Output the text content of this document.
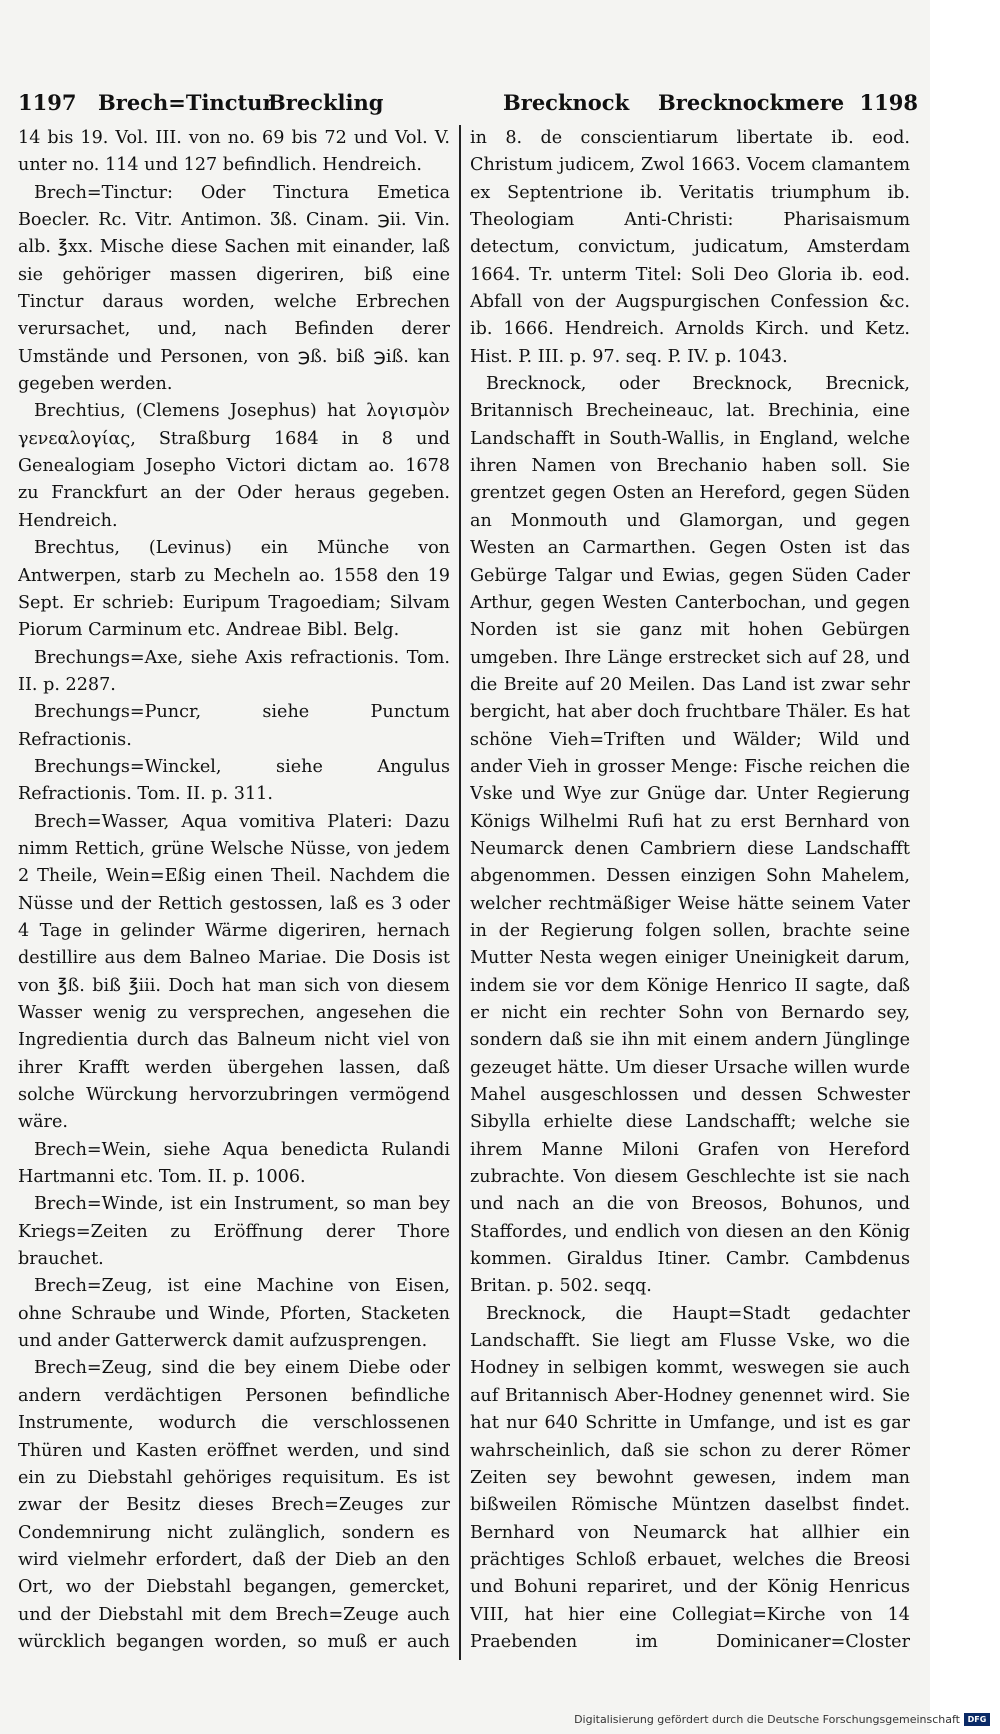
1197 Brech=Tinctur
Breckling	Brecknock Brecknockmere 1198

14 bis 19. Vol. III. von no. 69 bis 72 und Vol. V. unter no. 114 und 127 befindlich. Hendreich.

Brech=Tinctur: Oder Tinctura Emetica Boecler. Rc. Vitr. Antimon. Ʒß. Cinam. ℈ii. Vin. alb. ℥xx. Mische diese Sachen mit einander, laß sie gehöriger massen digeriren, biß eine Tinctur daraus worden, welche Erbrechen verursachet, und, nach Befinden derer Umstände und Personen, von ℈ß. biß ℈iß. kan gegeben werden.

Brechtius, (Clemens Josephus) hat λογισμὸν γενεαλογίας, Straßburg 1684 in 8 und Genealogiam Josepho Victori dictam ao. 1678 zu Franckfurt an der Oder heraus gegeben. Hendreich.

Brechtus, (Levinus) ein Münche von Antwerpen, starb zu Mecheln ao. 1558 den 19 Sept. Er schrieb: Euripum Tragoediam; Silvam Piorum Carminum etc. Andreae Bibl. Belg.

Brechungs=Axe, siehe Axis refractionis. Tom. II. p. 2287.

Brechungs=Puncr, siehe Punctum Refractionis.

Brechungs=Winckel, siehe Angulus Refractionis. Tom. II. p. 311.

Brech=Wasser, Aqua vomitiva Plateri: Dazu nimm Rettich, grüne Welsche Nüsse, von jedem 2 Theile, Wein=Eßig einen Theil. Nachdem die Nüsse und der Rettich gestossen, laß es 3 oder 4 Tage in gelinder Wärme digeriren, hernach destillire aus dem Balneo Mariae. Die Dosis ist von ℥ß. biß ℥iii. Doch hat man sich von diesem Wasser wenig zu versprechen, angesehen die Ingredientia durch das Balneum nicht viel von ihrer Krafft werden übergehen lassen, daß solche Würckung hervorzubringen vermögend wäre.

Brech=Wein, siehe Aqua benedicta Rulandi Hartmanni etc. Tom. II. p. 1006.

Brech=Winde, ist ein Instrument, so man bey Kriegs=Zeiten zu Eröffnung derer Thore brauchet.

Brech=Zeug, ist eine Machine von Eisen, ohne Schraube und Winde, Pforten, Stacketen und ander Gatterwerck damit aufzusprengen.

Brech=Zeug, sind die bey einem Diebe oder andern verdächtigen Personen befindliche Instrumente, wodurch die verschlossenen Thüren und Kasten eröffnet werden, und sind ein zu Diebstahl gehöriges requisitum. Es ist zwar der Besitz dieses Brech=Zeuges zur Condemnirung nicht zulänglich, sondern es wird vielmehr erfordert, daß der Dieb an den Ort, wo der Diebstahl begangen, gemercket, und der Diebstahl mit dem Brech=Zeuge auch würcklich begangen worden, so muß er auch

in 8. de conscientiarum libertate ib. eod. Christum judicem, Zwol 1663. Vocem clamantem ex Septentrione ib. Veritatis triumphum ib. Theologiam Anti-Christi: Pharisaismum detectum, convictum, judicatum, Amsterdam 1664. Tr. unterm Titel: Soli Deo Gloria ib. eod. Abfall von der Augspurgischen Confession &c. ib. 1666. Hendreich. Arnolds Kirch. und Ketz. Hist. P. III. p. 97. seq. P. IV. p. 1043.

Brecknock, oder Brecknock, Brecnick, Britannisch Brecheineauc, lat. Brechinia, eine Landschafft in South-Wallis, in England, welche ihren Namen von Brechanio haben soll. Sie grentzet gegen Osten an Hereford, gegen Süden an Monmouth und Glamorgan, und gegen Westen an Carmarthen. Gegen Osten ist das Gebürge Talgar und Ewias, gegen Süden Cader Arthur, gegen Westen Canterbochan, und gegen Norden ist sie ganz mit hohen Gebürgen umgeben. Ihre Länge erstrecket sich auf 28, und die Breite auf 20 Meilen. Das Land ist zwar sehr bergicht, hat aber doch fruchtbare Thäler. Es hat schöne Vieh=Triften und Wälder; Wild und ander Vieh in grosser Menge: Fische reichen die Vske und Wye zur Gnüge dar. Unter Regierung Königs Wilhelmi Rufi hat zu erst Bernhard von Neumarck denen Cambriern diese Landschafft abgenommen. Dessen einzigen Sohn Mahelem, welcher rechtmäßiger Weise hätte seinem Vater in der Regierung folgen sollen, brachte seine Mutter Nesta wegen einiger Uneinigkeit darum, indem sie vor dem Könige Henrico II sagte, daß er nicht ein rechter Sohn von Bernardo sey, sondern daß sie ihn mit einem andern Jünglinge gezeuget hätte. Um dieser Ursache willen wurde Mahel ausgeschlossen und dessen Schwester Sibylla erhielte diese Landschafft; welche sie ihrem Manne Miloni Grafen von Hereford zubrachte. Von diesem Geschlechte ist sie nach und nach an die von Breosos, Bohunos, und Staffordes, und endlich von diesen an den König kommen. Giraldus Itiner. Cambr. Cambdenus Britan. p. 502. seqq.

Brecknock, die Haupt=Stadt gedachter Landschafft. Sie liegt am Flusse Vske, wo die Hodney in selbigen kommt, weswegen sie auch auf Britannisch Aber-Hodney genennet wird. Sie hat nur 640 Schritte in Umfange, und ist es gar wahrscheinlich, daß sie schon zu derer Römer Zeiten sey bewohnt gewesen, indem man bißweilen Römische Müntzen daselbst findet. Bernhard von Neumarck hat allhier ein prächtiges Schloß erbauet, welches die Breosi und Bohuni repariret, und der König Henricus VIII, hat hier eine Collegiat=Kirche von 14 Praebenden im Dominicaner=Closter

Digitalisierung gefördert durch die Deutsche Forschungsgemeinschaft DFG
